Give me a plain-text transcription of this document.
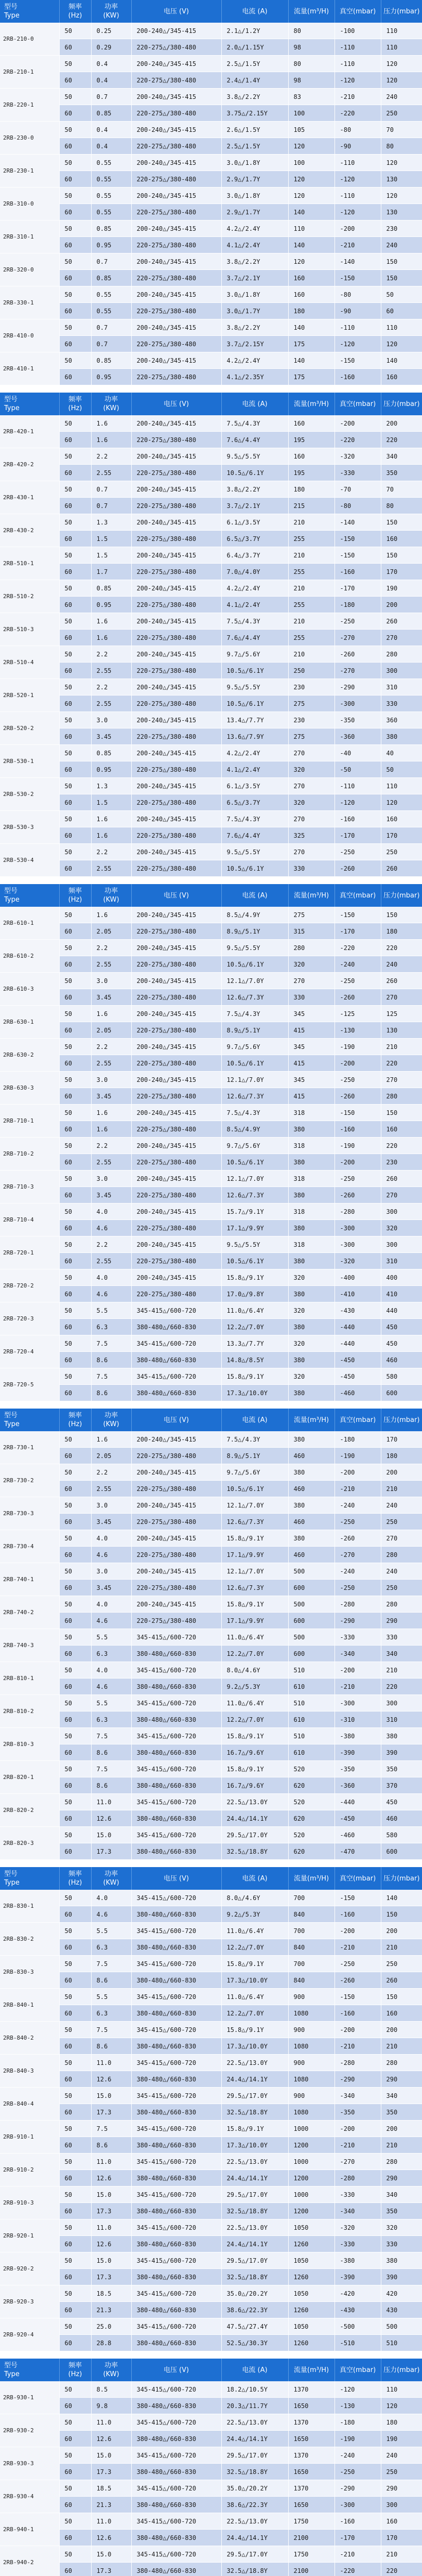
型号
Type	频率
(Hz)	功率
(KW)	电压 (V)	电流 (A)	流量(m³/H)	真空(mbar)	压力(mbar)
2RB-210-0	50	0.25	200-240△/345-415	2.1△/1.2Y	80	-100	110
	60	0.29	220-275△/380-480	2.0△/1.15Y	98	-110	110
2RB-210-1	50	0.4	200-240△/345-415	2.5△/1.5Y	80	-110	120
	60	0.4	220-275△/380-480	2.4△/1.4Y	98	-120	120
2RB-220-1	50	0.7	200-240△/345-415	3.8△/2.2Y	83	-210	240
	60	0.85	220-275△/380-480	3.75△/2.15Y	100	-220	250
2RB-230-0	50	0.4	200-240△/345-415	2.6△/1.5Y	105	-80	70
	60	0.4	220-275△/380-480	2.5△/1.5Y	120	-90	80
2RB-230-1	50	0.55	200-240△/345-415	3.0△/1.8Y	100	-110	120
	60	0.55	220-275△/380-480	2.9△/1.7Y	120	-120	130
2RB-310-0	50	0.55	200-240△/345-415	3.0△/1.8Y	120	-110	120
	60	0.55	220-275△/380-480	2.9△/1.7Y	140	-120	130
2RB-310-1	50	0.85	200-240△/345-415	4.2△/2.4Y	110	-200	230
	60	0.95	220-275△/380-480	4.1△/2.4Y	140	-210	240
2RB-320-0	50	0.7	200-240△/345-415	3.8△/2.2Y	120	-140	150
	60	0.85	220-275△/380-480	3.7△/2.1Y	160	-150	150
2RB-330-1	50	0.55	200-240△/345-415	3.0△/1.8Y	160	-80	50
	60	0.55	220-275△/380-480	3.0△/1.7Y	180	-90	60
2RB-410-0	50	0.7	200-240△/345-415	3.8△/2.2Y	140	-110	110
	60	0.7	220-275△/380-480	3.7△/2.15Y	175	-120	120
2RB-410-1	50	0.85	200-240△/345-415	4.2△/2.4Y	140	-150	140
	60	0.95	220-275△/380-480	4.1△/2.35Y	175	-160	160
型号
Type	频率
(Hz)	功率
(KW)	电压 (V)	电流 (A)	流量(m³/H)	真空(mbar)	压力(mbar)
2RB-420-1	50	1.6	200-240△/345-415	7.5△/4.3Y	160	-200	200
	60	1.6	220-275△/380-480	7.6△/4.4Y	195	-220	220
2RB-420-2	50	2.2	200-240△/345-415	9.5△/5.5Y	160	-320	340
	60	2.55	220-275△/380-480	10.5△/6.1Y	195	-330	350
2RB-430-1	50	0.7	200-240△/345-415	3.8△/2.2Y	180	-70	70
	60	0.7	220-275△/380-480	3.7△/2.1Y	215	-80	80
2RB-430-2	50	1.3	200-240△/345-415	6.1△/3.5Y	210	-140	150
	60	1.5	220-275△/380-480	6.5△/3.7Y	255	-150	160
2RB-510-1	50	1.5	200-240△/345-415	6.4△/3.7Y	210	-150	150
	60	1.7	220-275△/380-480	7.0△/4.0Y	255	-160	170
2RB-510-2	50	0.85	200-240△/345-415	4.2△/2.4Y	210	-170	190
	60	0.95	220-275△/380-480	4.1△/2.4Y	255	-180	200
2RB-510-3	50	1.6	200-240△/345-415	7.5△/4.3Y	210	-250	260
	60	1.6	220-275△/380-480	7.6△/4.4Y	255	-270	270
2RB-510-4	50	2.2	200-240△/345-415	9.7△/5.6Y	210	-260	280
	60	2.55	220-275△/380-480	10.5△/6.1Y	250	-270	300
2RB-520-1	50	2.2	200-240△/345-415	9.5△/5.5Y	230	-290	310
	60	2.55	220-275△/380-480	10.5△/6.1Y	275	-300	330
2RB-520-2	50	3.0	200-240△/345-415	13.4△/7.7Y	230	-350	360
	60	3.45	220-275△/380-480	13.6△/7.9Y	275	-360	380
2RB-530-1	50	0.85	200-240△/345-415	4.2△/2.4Y	270	-40	40
	60	0.95	220-275△/380-480	4.1△/2.4Y	320	-50	50
2RB-530-2	50	1.3	200-240△/345-415	6.1△/3.5Y	270	-110	110
	60	1.5	220-275△/380-480	6.5△/3.7Y	320	-120	120
2RB-530-3	50	1.6	200-240△/345-415	7.5△/4.3Y	270	-160	160
	60	1.6	220-275△/380-480	7.6△/4.4Y	325	-170	170
2RB-530-4	50	2.2	200-240△/345-415	9.5△/5.5Y	270	-250	250
	60	2.55	220-275△/380-480	10.5△/6.1Y	330	-260	260
型号
Type	频率
(Hz)	功率
(KW)	电压 (V)	电流 (A)	流量(m³/H)	真空(mbar)	压力(mbar)
2RB-610-1	50	1.6	200-240△/345-415	8.5△/4.9Y	275	-150	150
	60	2.05	220-275△/380-480	8.9△/5.1Y	315	-170	180
2RB-610-2	50	2.2	200-240△/345-415	9.5△/5.5Y	280	-220	220
	60	2.55	220-275△/380-480	10.5△/6.1Y	320	-240	240
2RB-610-3	50	3.0	200-240△/345-415	12.1△/7.0Y	270	-250	260
	60	3.45	220-275△/380-480	12.6△/7.3Y	330	-260	270
2RB-630-1	50	1.6	200-240△/345-415	7.5△/4.3Y	345	-125	125
	60	2.05	220-275△/380-480	8.9△/5.1Y	415	-130	130
2RB-630-2	50	2.2	200-240△/345-415	9.7△/5.6Y	345	-190	210
	60	2.55	220-275△/380-480	10.5△/6.1Y	415	-200	220
2RB-630-3	50	3.0	200-240△/345-415	12.1△/7.0Y	345	-250	270
	60	3.45	220-275△/380-480	12.6△/7.3Y	415	-260	280
2RB-710-1	50	1.6	200-240△/345-415	7.5△/4.3Y	318	-150	150
	60	1.6	220-275△/380-480	8.5△/4.9Y	380	-160	160
2RB-710-2	50	2.2	200-240△/345-415	9.7△/5.6Y	318	-190	220
	60	2.55	220-275△/380-480	10.5△/6.1Y	380	-200	230
2RB-710-3	50	3.0	200-240△/345-415	12.1△/7.0Y	318	-250	260
	60	3.45	220-275△/380-480	12.6△/7.3Y	380	-260	270
2RB-710-4	50	4.0	200-240△/345-415	15.7△/9.1Y	318	-280	300
	60	4.6	220-275△/380-480	17.1△/9.9Y	380	-300	320
2RB-720-1	50	2.2	200-240△/345-415	9.5△/5.5Y	318	-300	300
	60	2.55	220-275△/380-480	10.5△/6.1Y	380	-320	310
2RB-720-2	50	4.0	200-240△/345-415	15.8△/9.1Y	320	-400	400
	60	4.6	220-275△/380-480	17.0△/9.8Y	380	-410	410
2RB-720-3	50	5.5	345-415△/600-720	11.0△/6.4Y	320	-430	440
	60	6.3	380-480△/660-830	12.2△/7.0Y	380	-440	450
2RB-720-4	50	7.5	345-415△/600-720	13.3△/7.7Y	320	-440	450
	60	8.6	380-480△/660-830	14.8△/8.5Y	380	-450	460
2RB-720-5	50	7.5	345-415△/600-720	15.8△/9.1Y	320	-450	580
	60	8.6	380-480△/660-830	17.3△/10.0Y	380	-460	600
型号
Type	频率
(Hz)	功率
(KW)	电压 (V)	电流 (A)	流量(m³/H)	真空(mbar)	压力(mbar)
2RB-730-1	50	1.6	200-240△/345-415	7.5△/4.3Y	380	-180	170
	60	2.05	220-275△/380-480	8.9△/5.1Y	460	-190	180
2RB-730-2	50	2.2	200-240△/345-415	9.7△/5.6Y	380	-200	200
	60	2.55	220-275△/380-480	10.5△/6.1Y	460	-210	210
2RB-730-3	50	3.0	200-240△/345-415	12.1△/7.0Y	380	-240	240
	60	3.45	220-275△/380-480	12.6△/7.3Y	460	-250	250
2RB-730-4	50	4.0	200-240△/345-415	15.8△/9.1Y	380	-260	270
	60	4.6	220-275△/380-480	17.1△/9.9Y	460	-270	280
2RB-740-1	50	3.0	200-240△/345-415	12.1△/7.0Y	500	-240	240
	60	3.45	220-275△/380-480	12.6△/7.3Y	600	-250	250
2RB-740-2	50	4.0	200-240△/345-415	15.8△/9.1Y	500	-280	280
	60	4.6	220-275△/380-480	17.1△/9.9Y	600	-290	290
2RB-740-3	50	5.5	345-415△/600-720	11.0△/6.4Y	500	-330	330
	60	6.3	380-480△/660-830	12.2△/7.0Y	600	-340	340
2RB-810-1	50	4.0	345-415△/600-720	8.0△/4.6Y	510	-200	210
	60	4.6	380-480△/660-830	9.2△/5.3Y	610	-210	220
2RB-810-2	50	5.5	345-415△/600-720	11.0△/6.4Y	510	-300	300
	60	6.3	380-480△/660-830	12.2△/7.0Y	610	-310	310
2RB-810-3	50	7.5	345-415△/600-720	15.8△/9.1Y	510	-380	380
	60	8.6	380-480△/660-830	16.7△/9.6Y	610	-390	390
2RB-820-1	50	7.5	345-415△/600-720	15.8△/9.1Y	520	-350	350
	60	8.6	380-480△/660-830	16.7△/9.6Y	620	-360	370
2RB-820-2	50	11.0	345-415△/600-720	22.5△/13.0Y	520	-440	450
	60	12.6	380-480△/660-830	24.4△/14.1Y	620	-450	460
2RB-820-3	50	15.0	345-415△/600-720	29.5△/17.0Y	520	-460	580
	60	17.3	380-480△/660-830	32.5△/18.8Y	620	-470	600
型号
Type	频率
(Hz)	功率
(KW)	电压 (V)	电流 (A)	流量(m³/H)	真空(mbar)	压力(mbar)
2RB-830-1	50	4.0	345-415△/600-720	8.0△/4.6Y	700	-150	140
	60	4.6	380-480△/660-830	9.2△/5.3Y	840	-160	150
2RB-830-2	50	5.5	345-415△/600-720	11.0△/6.4Y	700	-200	200
	60	6.3	380-480△/660-830	12.2△/7.0Y	840	-210	210
2RB-830-3	50	7.5	345-415△/600-720	15.8△/9.1Y	700	-250	250
	60	8.6	380-480△/660-830	17.3△/10.0Y	840	-260	260
2RB-840-1	50	5.5	345-415△/600-720	11.0△/6.4Y	900	-150	150
	60	6.3	380-480△/660-830	12.2△/7.0Y	1080	-160	160
2RB-840-2	50	7.5	345-415△/600-720	15.8△/9.1Y	900	-200	200
	60	8.6	380-480△/660-830	17.3△/10.0Y	1080	-210	210
2RB-840-3	50	11.0	345-415△/600-720	22.5△/13.0Y	900	-280	280
	60	12.6	380-480△/660-830	24.4△/14.1Y	1080	-290	290
2RB-840-4	50	15.0	345-415△/600-720	29.5△/17.0Y	900	-340	340
	60	17.3	380-480△/660-830	32.5△/18.8Y	1080	-350	350
2RB-910-1	50	7.5	345-415△/600-720	15.8△/9.1Y	1000	-200	200
	60	8.6	380-480△/660-830	17.3△/10.0Y	1200	-210	210
2RB-910-2	50	11.0	345-415△/600-720	22.5△/13.0Y	1000	-270	280
	60	12.6	380-480△/660-830	24.4△/14.1Y	1200	-280	290
2RB-910-3	50	15.0	345-415△/600-720	29.5△/17.0Y	1000	-330	340
	60	17.3	380-480△/660-830	32.5△/18.8Y	1200	-340	350
2RB-920-1	50	11.0	345-415△/600-720	22.5△/13.0Y	1050	-320	320
	60	12.6	380-480△/660-830	24.4△/14.1Y	1260	-330	330
2RB-920-2	50	15.0	345-415△/600-720	29.5△/17.0Y	1050	-380	380
	60	17.3	380-480△/660-830	32.5△/18.8Y	1260	-390	390
2RB-920-3	50	18.5	345-415△/600-720	35.0△/20.2Y	1050	-420	420
	60	21.3	380-480△/660-830	38.6△/22.3Y	1260	-430	430
2RB-920-4	50	25.0	345-415△/600-720	47.5△/27.4Y	1050	-500	500
	60	28.8	380-480△/660-830	52.5△/30.3Y	1260	-510	510
型号
Type	频率
(Hz)	功率
(KW)	电压 (V)	电流 (A)	流量(m³/H)	真空(mbar)	压力(mbar)
2RB-930-1	50	8.5	345-415△/600-720	18.2△/10.5Y	1370	-120	110
	60	9.8	380-480△/660-830	20.3△/11.7Y	1650	-130	120
2RB-930-2	50	11.0	345-415△/600-720	22.5△/13.0Y	1370	-180	180
	60	12.6	380-480△/660-830	24.4△/14.1Y	1650	-190	190
2RB-930-3	50	15.0	345-415△/600-720	29.5△/17.0Y	1370	-240	240
	60	17.3	380-480△/660-830	32.5△/18.8Y	1650	-250	250
2RB-930-4	50	18.5	345-415△/600-720	35.0△/20.2Y	1370	-290	290
	60	21.3	380-480△/660-830	38.6△/22.3Y	1650	-300	300
2RB-940-1	50	11.0	345-415△/600-720	22.5△/13.0Y	1750	-160	160
	60	12.6	380-480△/660-830	24.4△/14.1Y	2100	-170	170
2RB-940-2	50	15.0	345-415△/600-720	29.5△/17.0Y	1750	-210	210
	60	17.3	380-480△/660-830	32.5△/18.8Y	2100	-220	220
